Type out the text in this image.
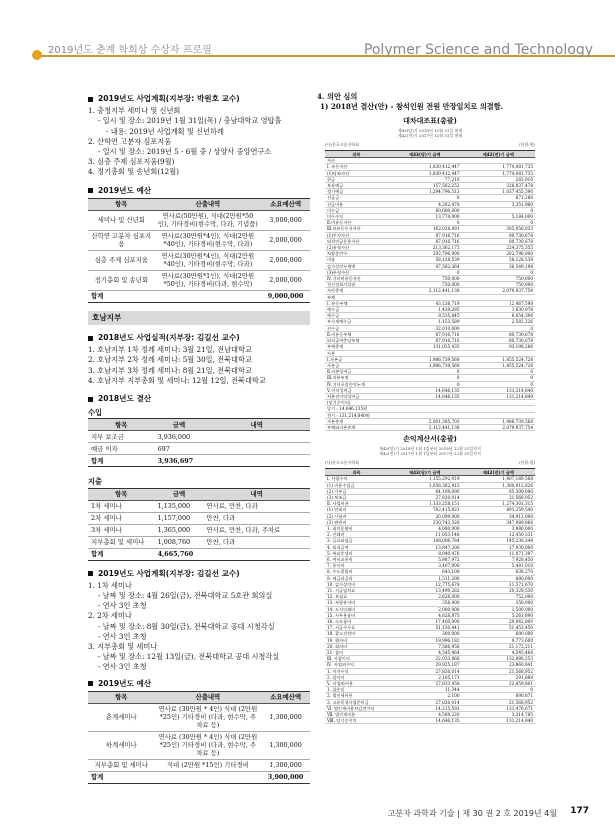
2019년도 춘계 학회상 수상자 프로필	Polymer Science and Technology
2019년도 사업계획(지부장: 박원호 교수)
1. 충청지부 세미나 및 신년회
- 일시 및 장소: 2019년 1월 31일(목) / 충남대학교 영탑홀
- 내용: 2019년 사업계획 및 신년하례
2. 산학연 고분자 심포지움
- 일시 및 장소: 2019년 5 - 6월 중 / 상양사 중앙연구소
3. 심층 주제 심포지움(9월)
4. 정기총회 및 송년회(12월)
2019년도 예산
항목	산출내역	소요예산액
세미나 및 신년회	연사료(50만원), 식대(2만원*50인), 기타경비(현수막, 다과, 기념품)	3,000,000
산학연 고분자 심포지움	연사료(30만원*4인), 식대(2만원*40인), 기타경비(현수막, 다과)	2,000,000
심층 주제 심포지움	연사료(30만원*4인), 식대(2만원*40인), 기타경비(현수막, 다과)	2,000,000
정기총회 및 송년회	연사료(30만원*1인), 식대(2만원*50인), 기타경비(다과, 현수막)	2,000,000
합계		9,000,000
호남지부
2018년도 사업실적(지부장: 김길선 교수)
1. 호남지부 1차 정례 세미나: 3월 21일, 전남대학교
2. 호남지부 2차 정례 세미나: 5월 30일, 전북대학교
3. 호남지부 3차 정례 세미나: 8월 21일, 전북대학교
4. 호남지부 지부총회 및 세미나: 12월 12일, 전북대학교
2018년도 결산
수입
항목	금액	내역
지부 보조금	3,936,000	
예금 이자	697	
합계	3,936,697	
지출
항목	금액	내역
1차 세미나	1,135,000	연사료, 만찬, 다과
2차 세미나	1,157,000	만찬, 다과
3차 세미나	1,365,000	연사료, 만찬, 다과, 주차료
지부총회 및 세미나	1,008,760	만찬, 다과
합계	4,665,760	
2019년도 사업계획(지부장: 김길선 교수)
1. 1차 세미나
- 날짜 및 장소: 4월 26일(금), 전북대학교 5호관 회의실
- 연사 3인 초청
2. 2차 세미나
- 날짜 및 장소: 8월 30일(금), 전북대학교 공대 시청각실
- 연사 3인 초청
3. 지부총회 및 세미나
- 날짜 및 장소: 12월 13일(금), 전북대학교 공대 시청각실
- 연사 3인 초청
2019년도 예산
항목	산출내역	소요예산액
춘계세미나	연사료 (30만원 * 4인) 식대 (2만원 *25인) 기타경비 (다과, 현수막, 주차료 등)	1,300,000
하계세미나	연사료 (30만원 * 4인) 식대 (2만원 *25인) 기타경비 (다과, 현수막, 주차료 등)	1,300,000
지부총회 및 세미나	식대 (2만원 *15인) 기타경비	1,300,000
합계		3,900,000
4. 의안 심의
1) 2018년 결산(안) - 참석인원 전원 만장일치로 의결함.
대차대조표(총괄)
제43(당)기 2018년 12월 31일 현재
제42(전)기 2017년 12월 31일 현재
(사)한국고분자학회	(단위:원)
과목	제43(당)기 금액	제42(전)기 금액
자산		
Ⅰ. 유동자산	1,830,412,447	1,774,081,735
(1)당좌자산	1,830,412,447	1,774,081,735
현금	77,210	283,910
보통예금	157,562,252	326,837,478
정기예금	1,294,796,513	1,037,455,390
선급금	0	671,280
선급비용	4,262,470	3,351,960
미수금	60,000,000	0
미수수익	13,774,000	5,184,000
Ⅱ.비유동자산	0	0
Ⅲ.비유동투자자산	162,028,891	305,056,033
(1)투자자산	87,916,716	80,730,678
퇴직연금운용자산	87,916,716	80,730,678
(2)유형자산	213,362,175	224,375,355
차량운반구	202,796,000	202,796,000
비품	58,128,539	58,128,539
감가상각누계액	47,562,364	36,549,198
(3)무형자산	0	0
Ⅳ.기타비유동자산	750,000	750,000
전신전화가입권	750,000	750,000
자산총계	2,112,441,138	2,079,937,754
부채		
Ⅰ. 유동부채	43,138,719	12,467,598
예수금	1,439,285	1,630,978
예수금	8,535,845	6,054,394
부가세예수금	1,153,589	2,582,226
선수금	32,010,000	0
Ⅱ.비유동부채	87,916,716	80,730,678
퇴직급여충당부채	87,916,716	80,730,678
부채총계	131,055,435	93,198,286
자본		
Ⅰ.자본금	1,986,739,568	1,855,524,728
자본금	1,986,739,568	1,855,524,728
Ⅱ.자본잉여금	0	0
Ⅲ.자본조정	0	0
Ⅳ.기타포괄손익누계	0	0
Ⅴ.이익잉여금	14,646,135	131,214,840
처분전이익잉여금	14,646,135	131,214,840
(당기순이익)		
당기 : 14,646,135원		
전기 : 131,214,840원		
자본총계	2,001,385,703	1,986,739,568
부채와자본총계	2,112,441,138	2,079,937,754
손익계산서(총괄)
제43(당)기 2018년 1월 1일부터 2018년 12월 31일까지
제42(전)기 2017년 1월 1일부터 2017년 12월 31일까지
(사)한국고분자학회	(단위:원)
과목	제43(당)기 금액	제42(전)기 금액
Ⅰ. 사업수익	1,155,292,019	1,407,189,568
(1) 비용수입금	1,058,362,915	1,300,912,826
(2) 기부금	64,109,090	85,309,090
(3) 보조금	27,820,014	21,568,952
Ⅱ. 사업비용	1,133,258,151	1,274,301,315
(1) 연회비	782,415,823	891,259,540
(2) 시험비	20,099,000	34,912,000
(3) 판관비	330,743,328	347,989,866
1. 회의운영비	4,000,000	3,986,000
2. 인쇄비	11,053,148	12,450,331
3. 급료와임금	148,006,784	145,230,344
4. 퇴직급여	13,847,200	17,930,000
5. 복리후생비	8,940,476	11,071,397
6. 여비교통비	5,987,972	7,928,450
7. 통신비	3,407,000	5,481,010
8. 수도광열비	643,100	638,270
9. 세금과공과	1,311,290	880,000
10. 감가상각비	12,775,678	11,571,670
11. 지급임차료	13,499,282	20,329,530
12. 보험료	2,626,000	752,000
13. 차량유지비	358,000	358,000
14. 도서인쇄비	2,000,000	1,500,000
15. 사무용품비	4,828,875	5,261,890
16. 소모품비	17,400,000	20,942,800
17. 지급수수료	51,130,441	51,452,450
18. 광고선전비	300,000	600,000
19. 행사비	19,996,182	9,773,600
20. 회의비	7,586,958	21,172,211
21. 잡비	4,545,464	4,545,464
Ⅲ. 사업이익	22,033,868	132,888,253
Ⅳ. 사업외수익	29,925,187	23,860,841
1. 이자수익	27,820,014	21,568,952
2. 잡이익	2,105,173	291,889
Ⅴ. 사업외비용	27,833,458	22,459,801
1. 잡손실	11,344	0
2. 법인세비용	2,100	890,871
3. 고유목적사업준비금	27,820,014	21,568,952
Ⅵ. 법인세비용차감전이익	14,215,593	131,476,671
Ⅶ. 법인세비용	4,569,220	3,214,785
Ⅷ. 당기순이익	14,646,135	131,214,840
고분자 과학과 기술 | 제 30 권 2 호 2019년 4월 177
